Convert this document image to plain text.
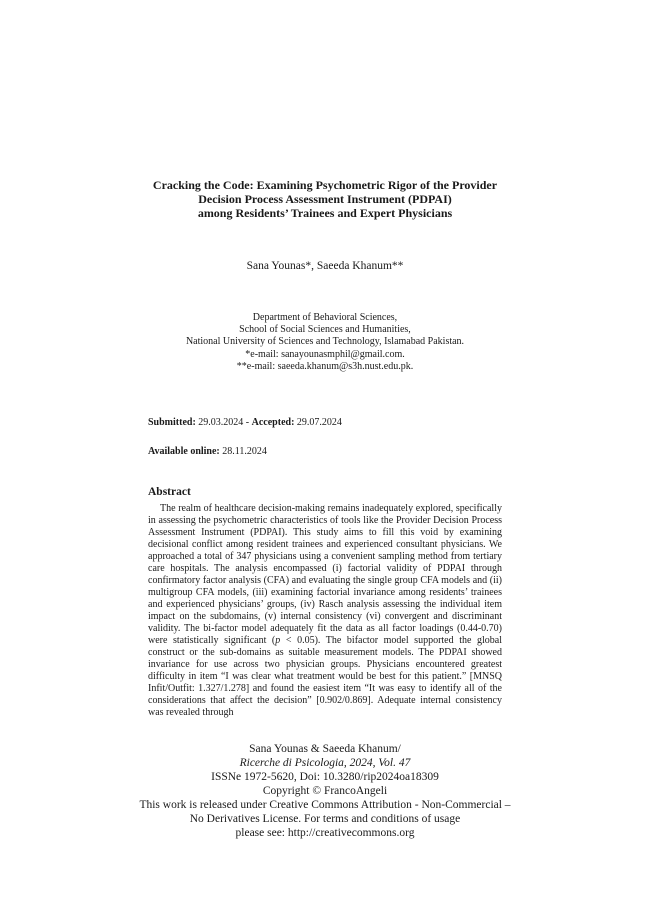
Cracking the Code: Examining Psychometric Rigor of the Provider
Decision Process Assessment Instrument (PDPAI)
among Residents’ Trainees and Expert Physicians
Sana Younas*, Saeeda Khanum**
Department of Behavioral Sciences,
School of Social Sciences and Humanities,
National University of Sciences and Technology, Islamabad Pakistan.
*e-mail: sanayounasmphil@gmail.com.
**e-mail: saeeda.khanum@s3h.nust.edu.pk.
Submitted: 29.03.2024 - Accepted: 29.07.2024
Available online: 28.11.2024
Abstract

The realm of healthcare decision-making remains inadequately explored, specifically in assessing the psychometric characteristics of tools like the Provider Decision Process Assessment Instrument (PDPAI). This study aims to fill this void by examining decisional conflict among resident trainees and experienced consultant physicians. We approached a total of 347 physicians using a convenient sampling method from tertiary care hospitals. The analysis encompassed (i) factorial validity of PDPAI through confirmatory factor analysis (CFA) and evaluating the single group CFA models and (ii) multigroup CFA models, (iii) examining factorial invariance among residents’ trainees and experienced physicians’ groups, (iv) Rasch analysis assessing the individual item impact on the subdomains, (v) internal consistency (vi) convergent and discriminant validity. The bi-factor model adequately fit the data as all factor loadings (0.44-0.70) were statistically significant (p < 0.05). The bifactor model supported the global construct or the sub-domains as suitable measurement models. The PDPAI showed invariance for use across two physician groups. Physicians encountered greatest difficulty in item “I was clear what treatment would be best for this patient.” [MNSQ Infit/Outfit: 1.327/1.278] and found the easiest item “It was easy to identify all of the considerations that affect the decision” [0.902/0.869]. Adequate internal consistency was revealed through

Sana Younas & Saeeda Khanum/
Ricerche di Psicologia, 2024, Vol. 47
ISSNe 1972-5620, Doi: 10.3280/rip2024oa18309
Copyright © FrancoAngeli
This work is released under Creative Commons Attribution - Non-Commercial –
No Derivatives License. For terms and conditions of usage
please see: http://creativecommons.org
